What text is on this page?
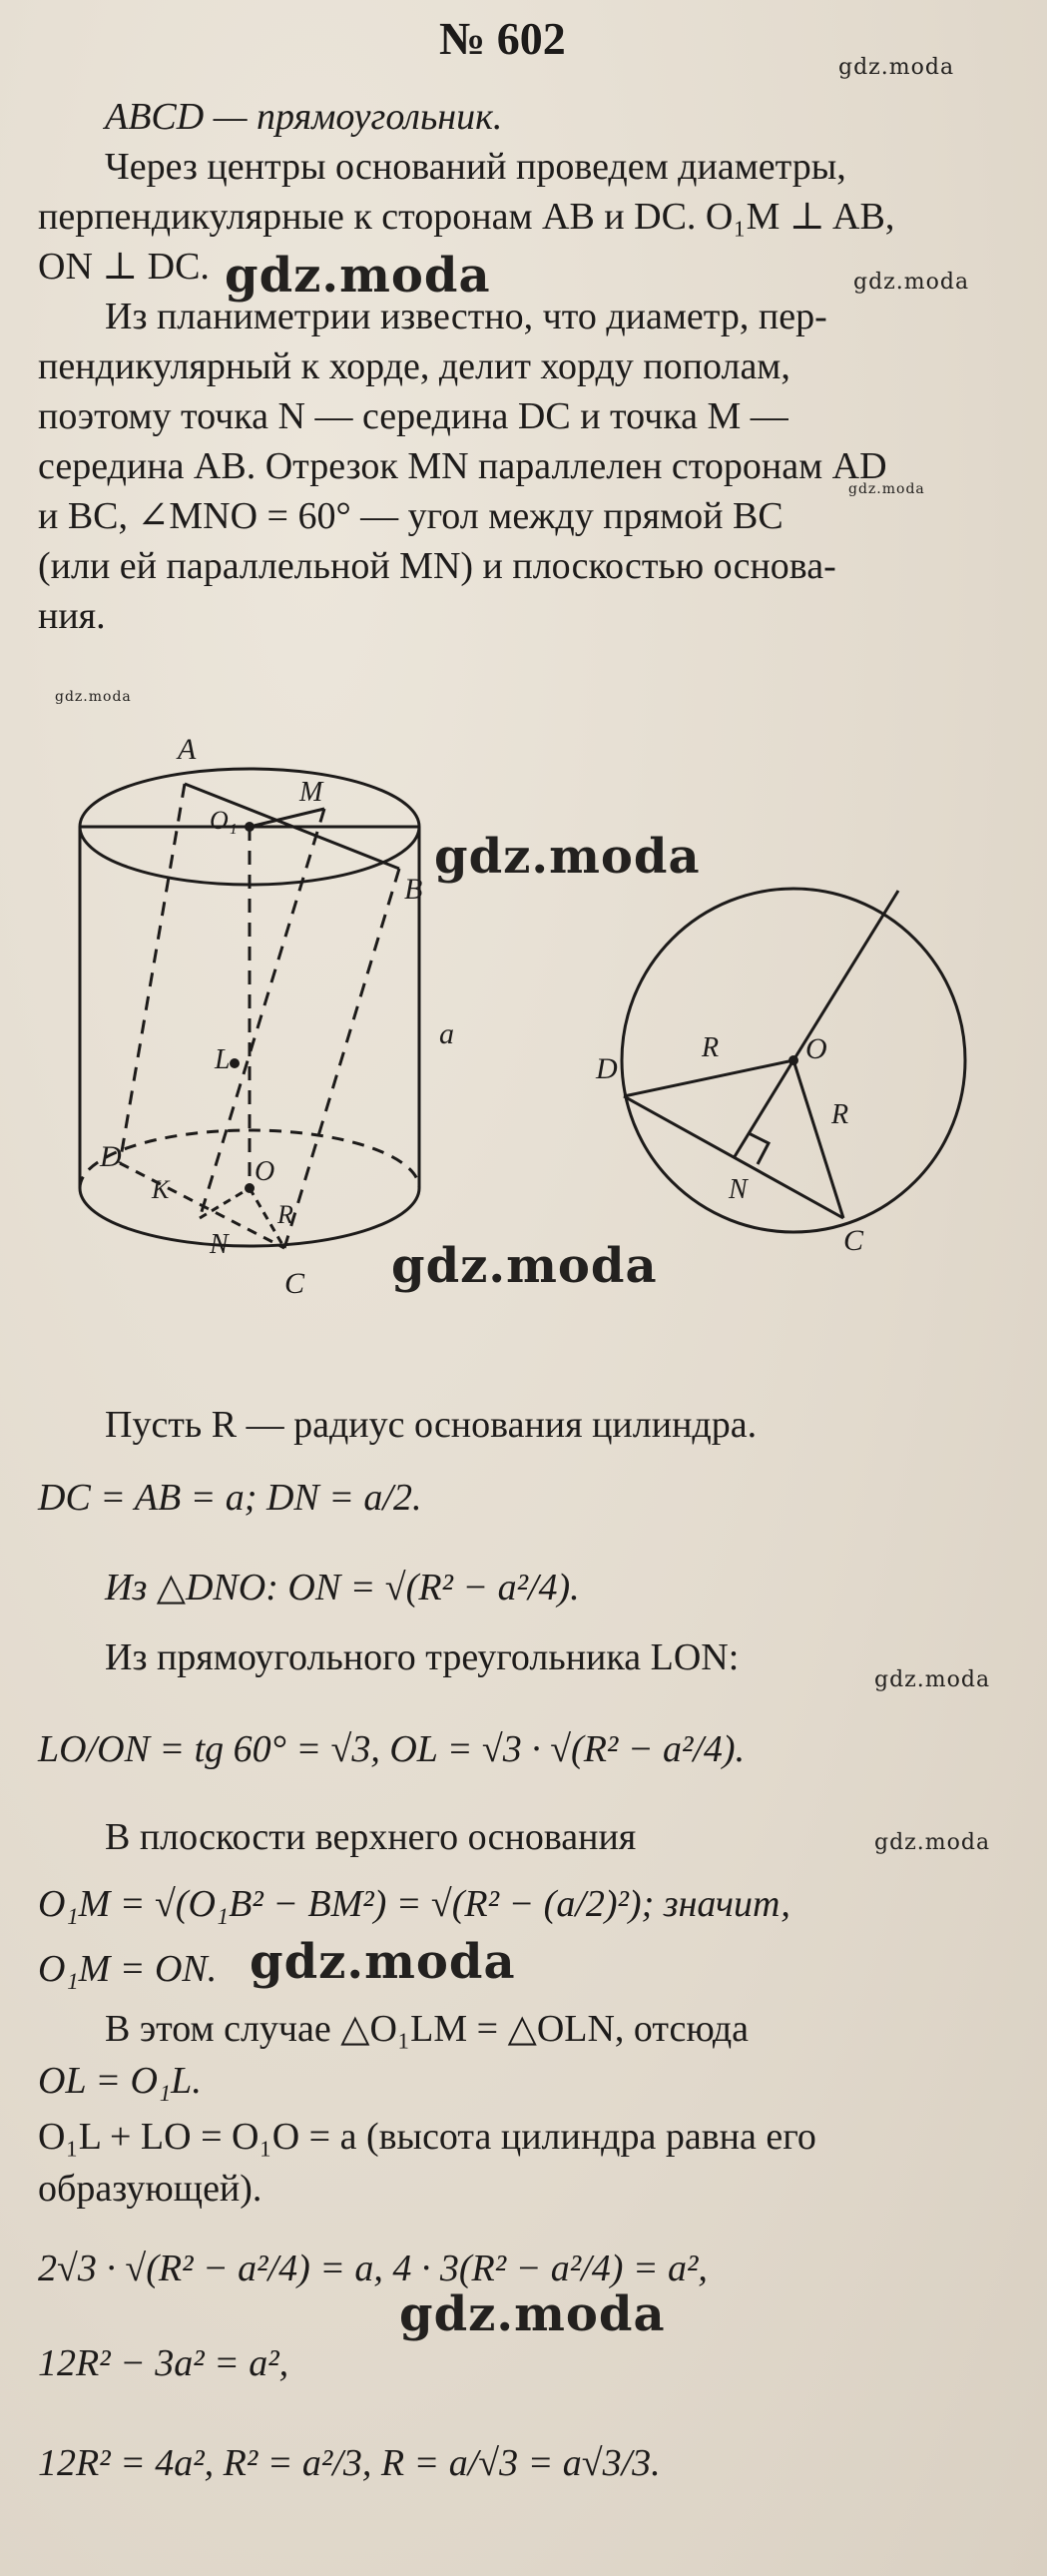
№ 602
gdz.moda
gdz.moda	gdz.moda
gdz.moda
gdz.moda
gdz.moda
gdz.moda
gdz.moda
gdz.moda
gdz.moda
gdz.moda
ABCD — прямоугольник.
Через центры оснований проведем диаметры,
перпендикулярные к сторонам AB и DC. O₁M ⊥ AB,
ON ⊥ DC.
Из планиметрии известно, что диаметр, пер-
пендикулярный к хорде, делит хорду пополам,
поэтому точка N — середина DC и точка M —
середина AB. Отрезок MN параллелен сторонам AD
и BC, ∠MNO = 60° — угол между прямой BC
(или ей параллельной MN) и плоскостью основа-
ния.
A
B
C
D	O
O₁
M
N
L
K
R
a
D
O
C
N
R
R
Пусть R — радиус основания цилиндра.
DC = AB = a; DN = a/2.
Из △DNO: ON = √(R² − a²/4).
Из прямоугольного треугольника LON:
LO/ON = tg 60° = √3, OL = √3 · √(R² − a²/4).
В плоскости верхнего основания
O₁M = √(O₁B² − BM²) = √(R² − (a/2)²); значит,
O₁M = ON.
В этом случае △O₁LM = △OLN, отсюда
OL = O₁L.
O₁L + LO = O₁O = a (высота цилиндра равна его
образующей).
2√3 · √(R² − a²/4) = a, 4 · 3(R² − a²/4) = a²,
12R² − 3a² = a²,
12R² = 4a², R² = a²/3, R = a/√3 = a√3/3.
